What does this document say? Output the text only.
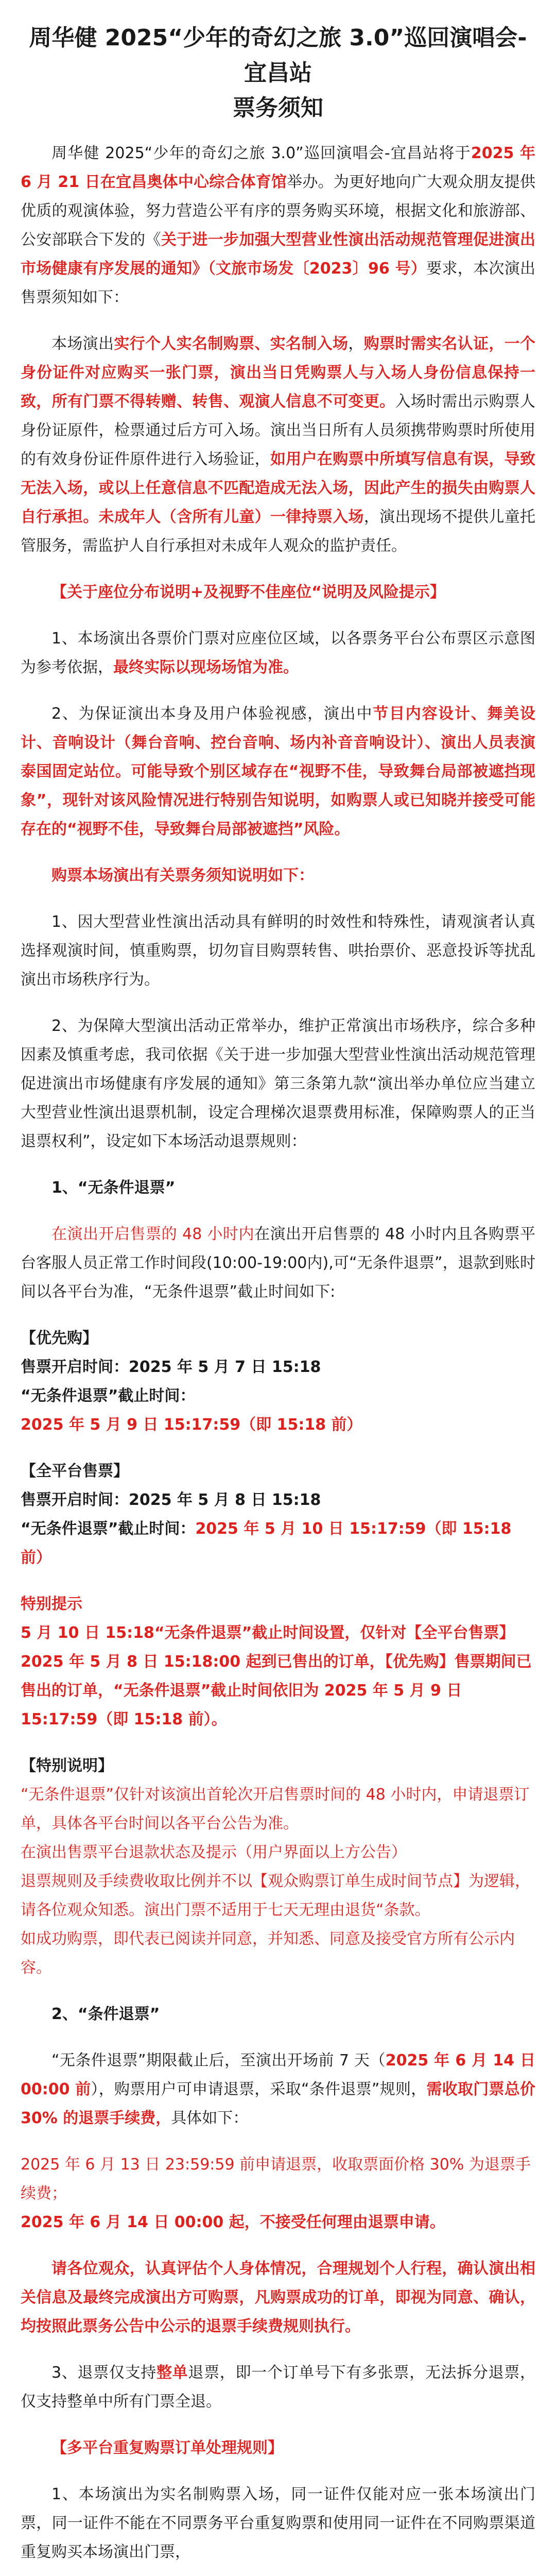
周华健 2025“少年的奇幻之旅 3.0”巡回演唱会-宜昌站
票务须知

周华健 2025“少年的奇幻之旅 3.0”巡回演唱会-宜昌站将于2025 年 6 月 21 日在宜昌奥体中心综合体育馆举办。为更好地向广大观众朋友提供优质的观演体验，努力营造公平有序的票务购买环境，根据文化和旅游部、公安部联合下发的《关于进一步加强大型营业性演出活动规范管理促进演出市场健康有序发展的通知》（文旅市场发〔2023〕96 号）要求，本次演出售票须知如下：

本场演出实行个人实名制购票、实名制入场，购票时需实名认证，一个身份证件对应购买一张门票，演出当日凭购票人与入场人身份信息保持一致，所有门票不得转赠、转售、观演人信息不可变更。入场时需出示购票人身份证原件，检票通过后方可入场。演出当日所有人员须携带购票时所使用的有效身份证件原件进行入场验证，如用户在购票中所填写信息有误，导致无法入场，或以上任意信息不匹配造成无法入场，因此产生的损失由购票人自行承担。未成年人（含所有儿童）一律持票入场，演出现场不提供儿童托管服务，需监护人自行承担对未成年人观众的监护责任。

【关于座位分布说明+及视野不佳座位“说明及风险提示】

1、本场演出各票价门票对应座位区域，以各票务平台公布票区示意图为参考依据，最终实际以现场场馆为准。

2、为保证演出本身及用户体验视感，演出中节目内容设计、舞美设计、音响设计（舞台音响、控台音响、场内补音音响设计）、演出人员表演泰国固定站位。可能导致个别区域存在“视野不佳，导致舞台局部被遮挡现象”，现针对该风险情况进行特别告知说明，如购票人或已知晓并接受可能存在的“视野不佳，导致舞台局部被遮挡”风险。

购票本场演出有关票务须知说明如下：

1、因大型营业性演出活动具有鲜明的时效性和特殊性，请观演者认真选择观演时间，慎重购票，切勿盲目购票转售、哄抬票价、恶意投诉等扰乱演出市场秩序行为。

2、为保障大型演出活动正常举办，维护正常演出市场秩序，综合多种因素及慎重考虑，我司依据《关于进一步加强大型营业性演出活动规范管理促进演出市场健康有序发展的通知》第三条第九款“演出举办单位应当建立大型营业性演出退票机制，设定合理梯次退票费用标准，保障购票人的正当退票权利”，设定如下本场活动退票规则：

1、“无条件退票”

在演出开启售票的 48 小时内在演出开启售票的 48 小时内且各购票平台客服人员正常工作时间段(10:00-19:00内),可“无条件退票”，退款到账时间以各平台为准，“无条件退票”截止时间如下:

【优先购】

售票开启时间：2025 年 5 月 7 日 15:18

“无条件退票”截止时间：2025 年 5 月 9 日 15:17:59（即 15:18 前）

【全平台售票】

售票开启时间：2025 年 5 月 8 日 15:18

“无条件退票”截止时间：2025 年 5 月 10 日 15:17:59（即 15:18 前）

特别提示

5 月 10 日 15:18“无条件退票”截止时间设置，仅针对【全平台售票】2025 年 5 月 8 日 15:18:00 起到已售出的订单，【优先购】售票期间已售出的订单，“无条件退票”截止时间依旧为 2025 年 5 月 9 日 15:17:59（即 15:18 前）。

【特别说明】

“无条件退票”仅针对该演出首轮次开启售票时间的 48 小时内，申请退票订单，具体各平台时间以各平台公告为准。

在演出售票平台退款状态及提示（用户界面以上方公告）

退票规则及手续费收取比例并不以【观众购票订单生成时间节点】为逻辑，请各位观众知悉。演出门票不适用于七天无理由退货“条款。

如成功购票，即代表已阅读并同意，并知悉、同意及接受官方所有公示内容。

2、“条件退票”

“无条件退票”期限截止后，至演出开场前 7 天（2025 年 6 月 14 日 00:00 前），购票用户可申请退票，采取“条件退票”规则，需收取门票总价 30% 的退票手续费，具体如下：

2025 年 6 月 13 日 23:59:59 前申请退票，收取票面价格 30% 为退票手续费；

2025 年 6 月 14 日 00:00 起，不接受任何理由退票申请。

请各位观众，认真评估个人身体情况，合理规划个人行程，确认演出相关信息及最终完成演出方可购票，凡购票成功的订单，即视为同意、确认，均按照此票务公告中公示的退票手续费规则执行。

3、退票仅支持整单退票，即一个订单号下有多张票，无法拆分退票，仅支持整单中所有门票全退。

【多平台重复购票订单处理规则】

1、本场演出为实名制购票入场，同一证件仅能对应一张本场演出门票，同一证件不能在不同票务平台重复购票和使用同一证件在不同购票渠道重复购买本场演出门票，
